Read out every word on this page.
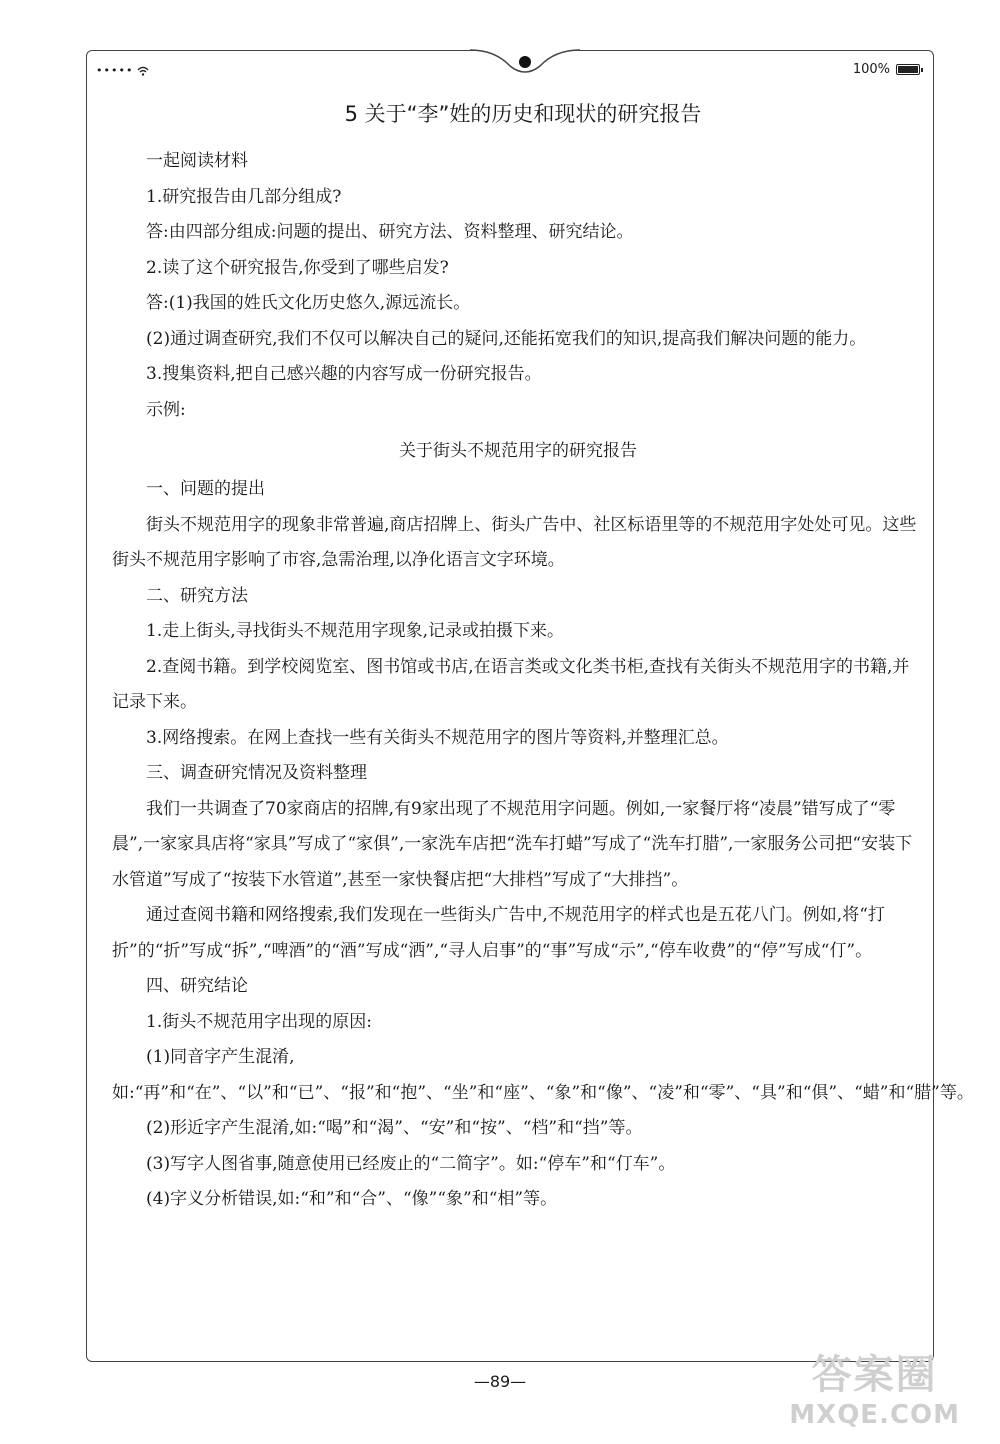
•••••	100%
5 关于“李”姓的历史和现状的研究报告

一起阅读材料

1.研究报告由几部分组成?

答:由四部分组成:问题的提出、研究方法、资料整理、研究结论。

2.读了这个研究报告,你受到了哪些启发?

答:(1)我国的姓氏文化历史悠久,源远流长。

(2)通过调查研究,我们不仅可以解决自己的疑问,还能拓宽我们的知识,提高我们解决问题的能力。

3.搜集资料,把自己感兴趣的内容写成一份研究报告。

示例:

关于街头不规范用字的研究报告

一、问题的提出

街头不规范用字的现象非常普遍,商店招牌上、街头广告中、社区标语里等的不规范用字处处可见。这些街头不规范用字影响了市容,急需治理,以净化语言文字环境。

二、研究方法

1.走上街头,寻找街头不规范用字现象,记录或拍摄下来。

2.查阅书籍。到学校阅览室、图书馆或书店,在语言类或文化类书柜,查找有关街头不规范用字的书籍,并记录下来。

3.网络搜索。在网上查找一些有关街头不规范用字的图片等资料,并整理汇总。

三、调查研究情况及资料整理

我们一共调查了70家商店的招牌,有9家出现了不规范用字问题。例如,一家餐厅将“凌晨”错写成了“零晨”,一家家具店将“家具”写成了“家俱”,一家洗车店把“洗车打蜡”写成了“洗车打腊”,一家服务公司把“安装下水管道”写成了“按装下水管道”,甚至一家快餐店把“大排档”写成了“大排挡”。

通过查阅书籍和网络搜索,我们发现在一些街头广告中,不规范用字的样式也是五花八门。例如,将“打折”的“折”写成“拆”,“啤酒”的“酒”写成“洒”,“寻人启事”的“事”写成“示”,“停车收费”的“停”写成“仃”。

四、研究结论

1.街头不规范用字出现的原因:

(1)同音字产生混淆,如:“再”和“在”、“以”和“已”、“报”和“抱”、“坐”和“座”、“象”和“像”、“凌”和“零”、“具”和“俱”、“蜡”和“腊”等。

(2)形近字产生混淆,如:“喝”和“渴”、“安”和“按”、“档”和“挡”等。

(3)写字人图省事,随意使用已经废止的“二简字”。如:“停车”和“仃车”。

(4)字义分析错误,如:“和”和“合”、“像”“象”和“相”等。

—89—	答案圈
MXQE.COM
